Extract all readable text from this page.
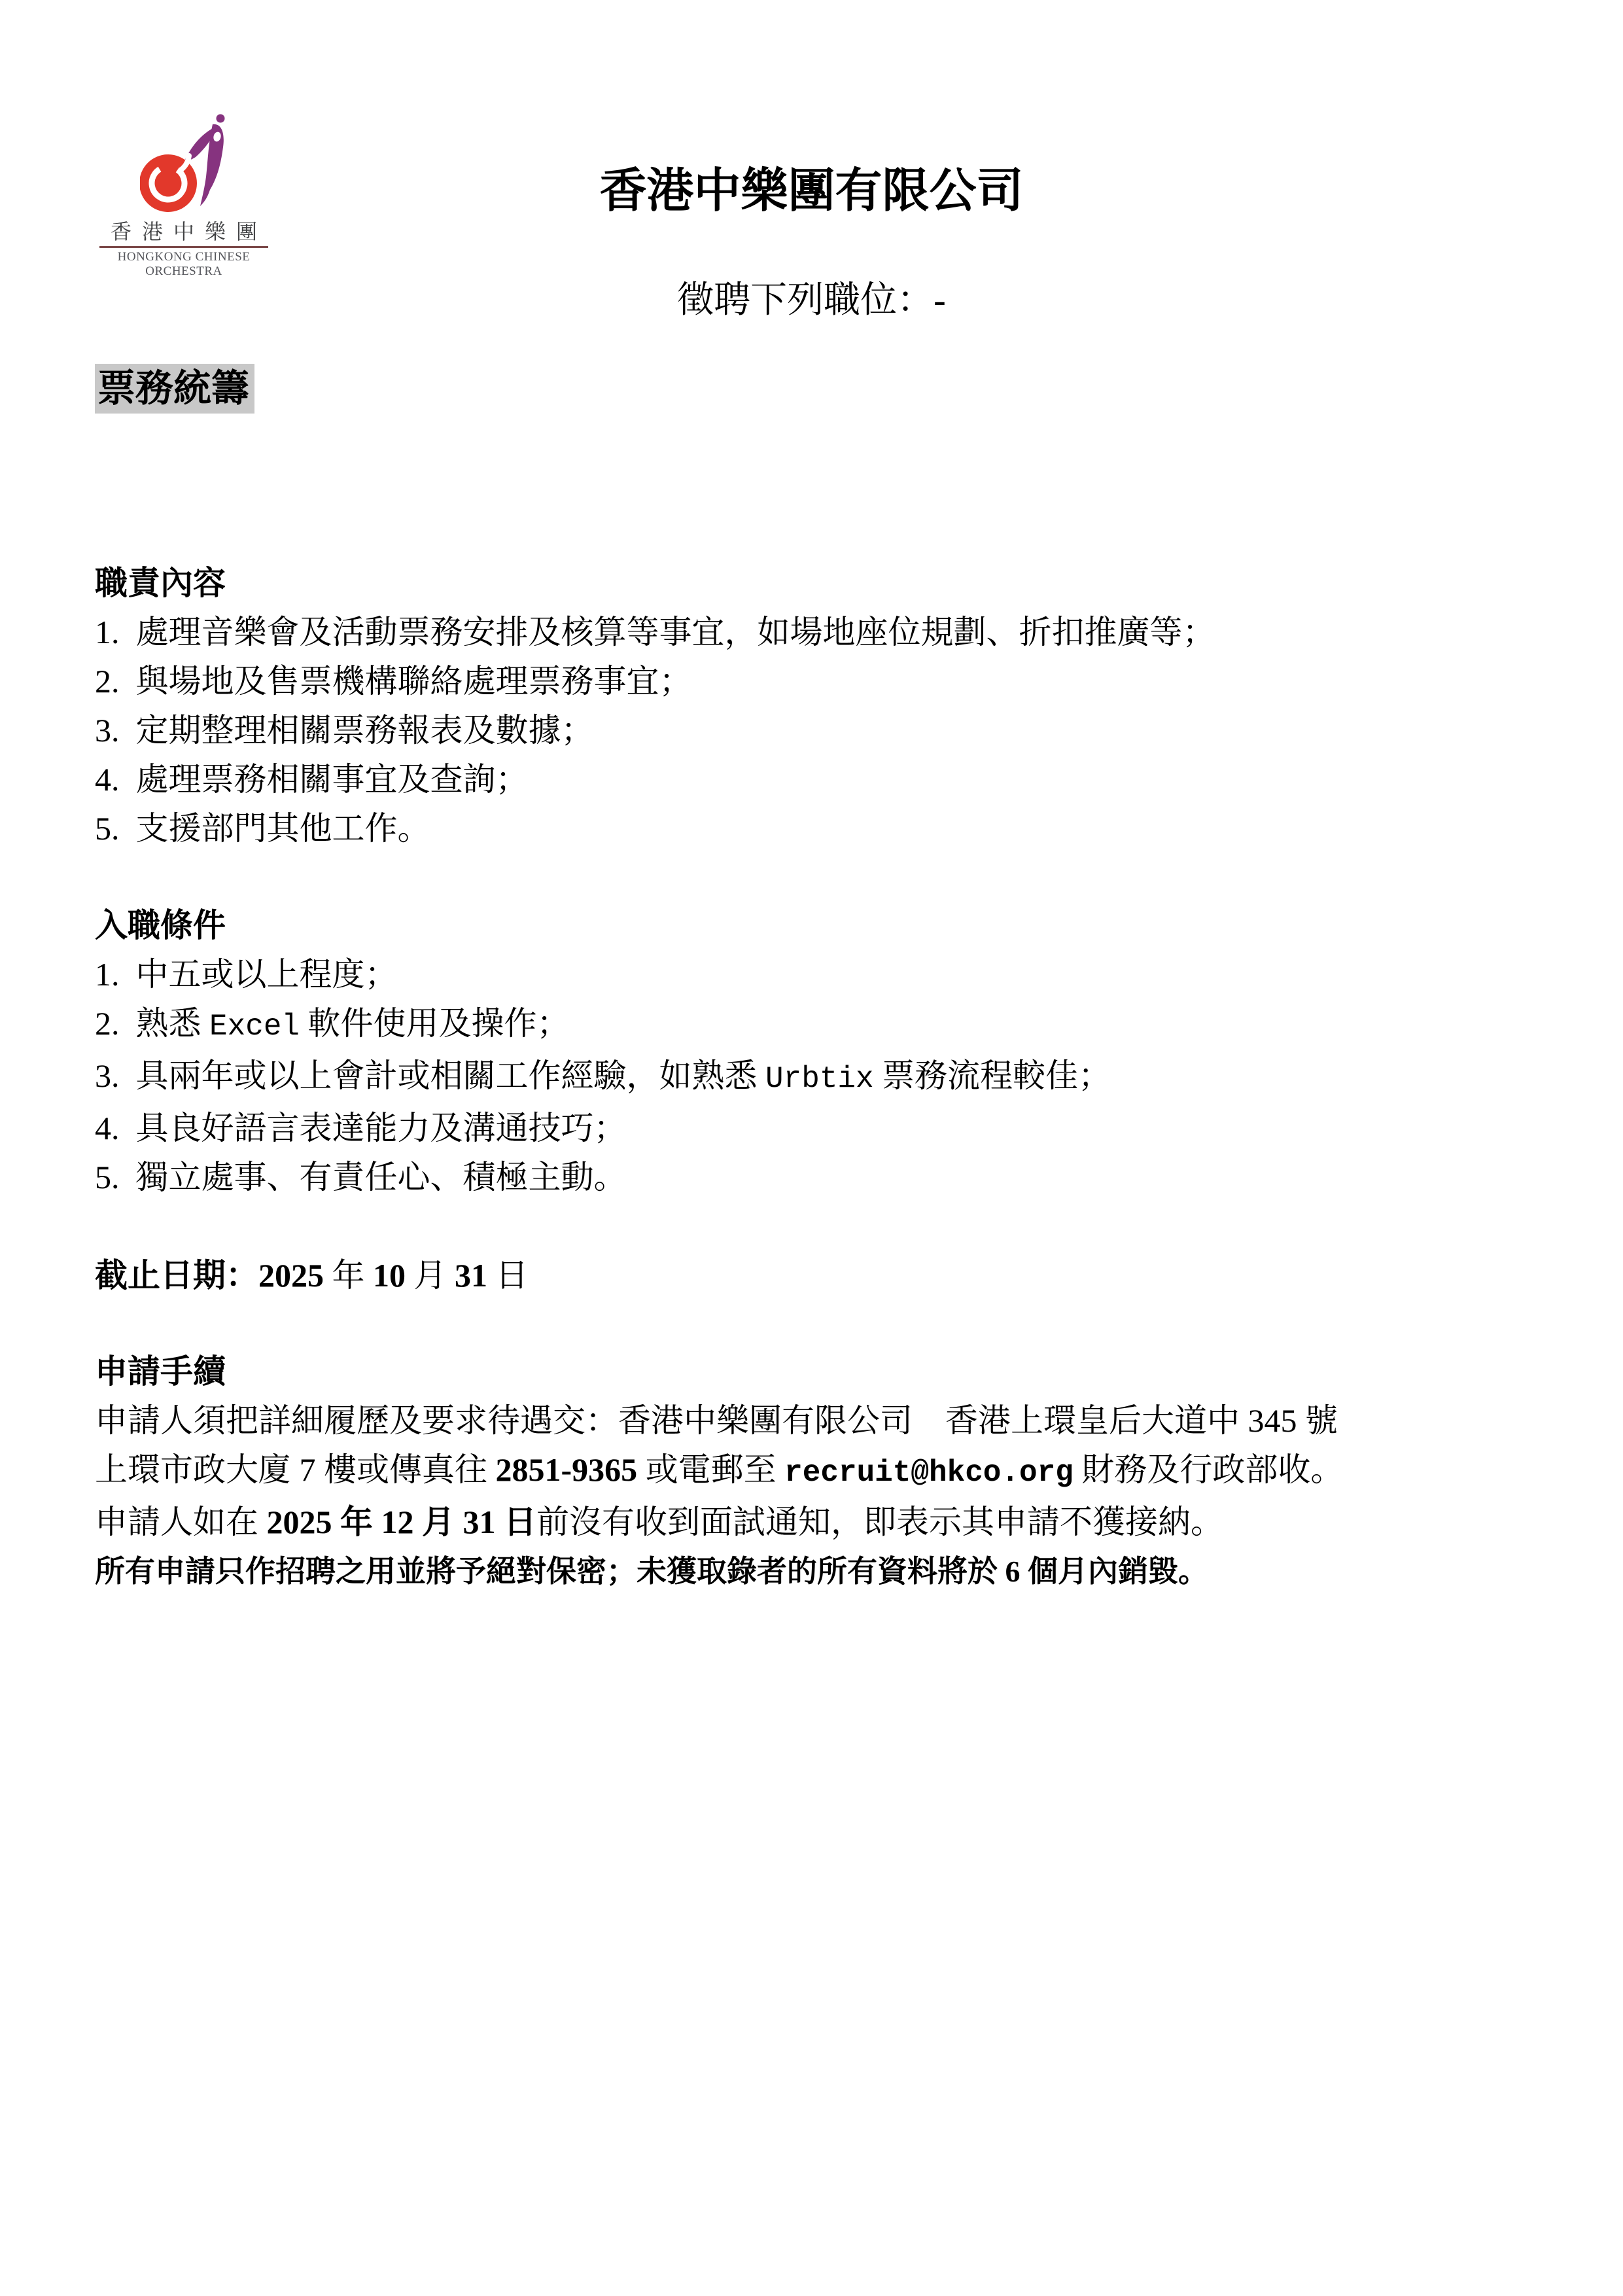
香 港 中 樂 團
HONGKONG CHINESE ORCHESTRA
香港中樂團有限公司
徵聘下列職位：-
票務統籌
職責內容
1.  處理音樂會及活動票務安排及核算等事宜，如場地座位規劃、折扣推廣等；
2.  與場地及售票機構聯絡處理票務事宜；
3.  定期整理相關票務報表及數據；
4.  處理票務相關事宜及查詢；
5.  支援部門其他工作。
入職條件
1.  中五或以上程度；
2.  熟悉 Excel 軟件使用及操作；
3.  具兩年或以上會計或相關工作經驗，如熟悉 Urbtix 票務流程較佳；
4.  具良好語言表達能力及溝通技巧；
5.  獨立處事、有責任心、積極主動。
截止日期：2025 年 10 月 31 日
申請手續
申請人須把詳細履歷及要求待遇交：香港中樂團有限公司　香港上環皇后大道中 345 號
上環市政大廈 7 樓或傳真往 2851-9365 或電郵至 recruit@hkco.org 財務及行政部收。
申請人如在 2025 年 12 月 31 日前沒有收到面試通知，即表示其申請不獲接納。
所有申請只作招聘之用並將予絕對保密；未獲取錄者的所有資料將於 6 個月內銷毀。
